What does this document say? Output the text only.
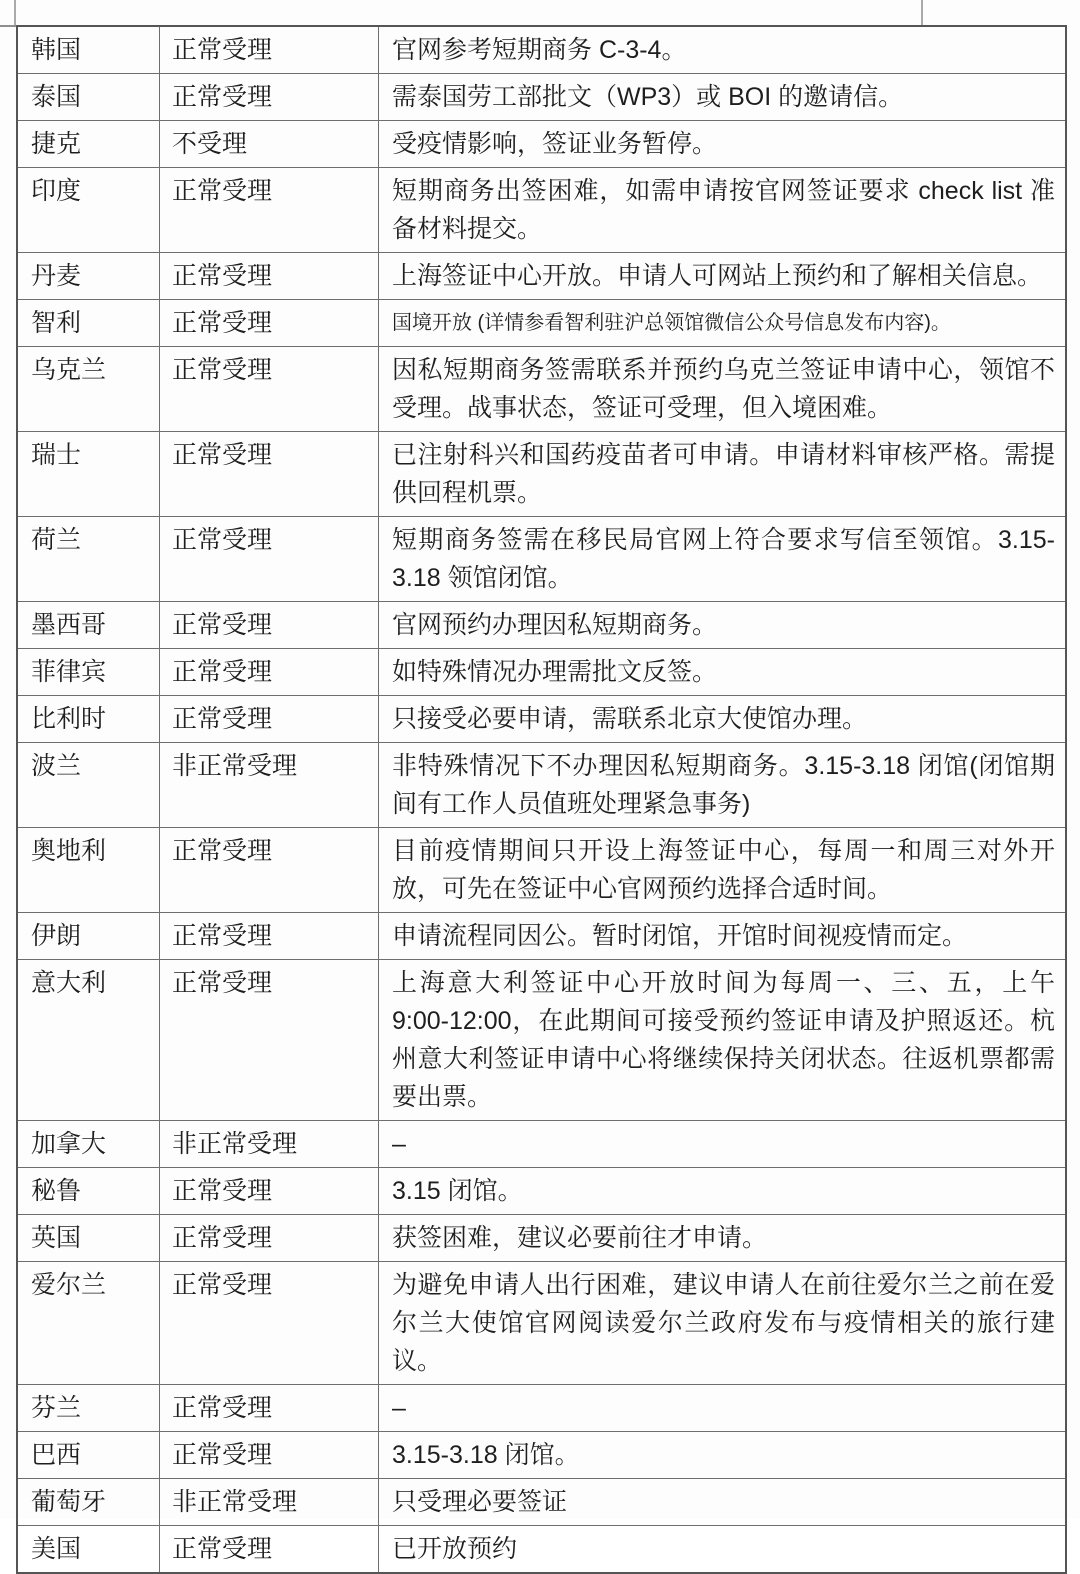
韩国	正常受理	官网参考短期商务 C-3-4。
泰国	正常受理	需泰国劳工部批文（WP3）或 BOI 的邀请信。
捷克	不受理	受疫情影响，签证业务暂停。
印度	正常受理	短期商务出签困难，如需申请按官网签证要求 check list 准备材料提交。
丹麦	正常受理	上海签证中心开放。申请人可网站上预约和了解相关信息。
智利	正常受理	国境开放 (详情参看智利驻沪总领馆微信公众号信息发布内容)。
乌克兰	正常受理	因私短期商务签需联系并预约乌克兰签证申请中心，领馆不受理。战事状态，签证可受理，但入境困难。
瑞士	正常受理	已注射科兴和国药疫苗者可申请。申请材料审核严格。需提供回程机票。
荷兰	正常受理	短期商务签需在移民局官网上符合要求写信至领馆。3.15-3.18 领馆闭馆。
墨西哥	正常受理	官网预约办理因私短期商务。
菲律宾	正常受理	如特殊情况办理需批文反签。
比利时	正常受理	只接受必要申请，需联系北京大使馆办理。
波兰	非正常受理	非特殊情况下不办理因私短期商务。3.15-3.18 闭馆(闭馆期间有工作人员值班处理紧急事务)
奥地利	正常受理	目前疫情期间只开设上海签证中心，每周一和周三对外开放，可先在签证中心官网预约选择合适时间。
伊朗	正常受理	申请流程同因公。暂时闭馆，开馆时间视疫情而定。
意大利	正常受理	上海意大利签证中心开放时间为每周一、三、五，上午 9:00-12:00，在此期间可接受预约签证申请及护照返还。杭州意大利签证申请中心将继续保持关闭状态。往返机票都需要出票。
加拿大	非正常受理	–
秘鲁	正常受理	3.15 闭馆。
英国	正常受理	获签困难，建议必要前往才申请。
爱尔兰	正常受理	为避免申请人出行困难，建议申请人在前往爱尔兰之前在爱尔兰大使馆官网阅读爱尔兰政府发布与疫情相关的旅行建议。
芬兰	正常受理	–
巴西	正常受理	3.15-3.18 闭馆。
葡萄牙	非正常受理	只受理必要签证
美国	正常受理	已开放预约
